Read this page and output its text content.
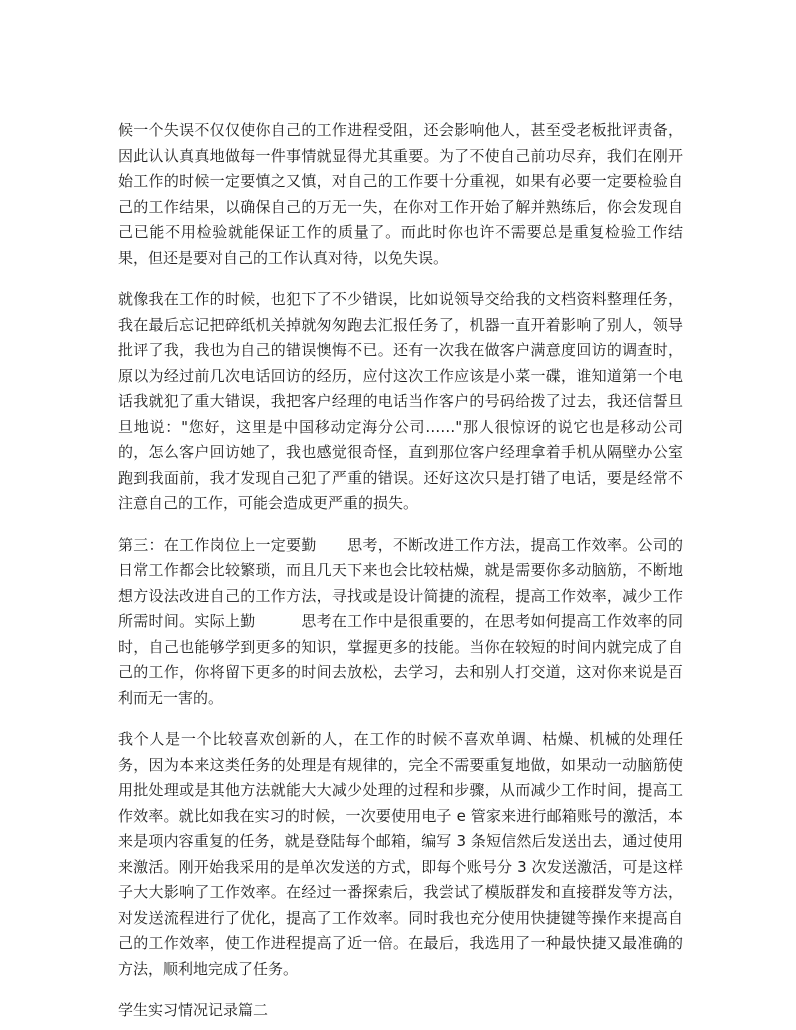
候一个失误不仅仅使你自己的工作进程受阻，还会影响他人，甚至受老板批评责备，因此认认真真地做每一件事情就显得尤其重要。为了不使自己前功尽弃，我们在刚开始工作的时候一定要慎之又慎，对自己的工作要十分重视，如果有必要一定要检验自己的工作结果，以确保自己的万无一失，在你对工作开始了解并熟练后，你会发现自己已能不用检验就能保证工作的质量了。而此时你也许不需要总是重复检验工作结果，但还是要对自己的工作认真对待，以免失误。

就像我在工作的时候，也犯下了不少错误，比如说领导交给我的文档资料整理任务，我在最后忘记把碎纸机关掉就匆匆跑去汇报任务了，机器一直开着影响了别人，领导批评了我，我也为自己的错误懊悔不已。还有一次我在做客户满意度回访的调查时，原以为经过前几次电话回访的经历，应付这次工作应该是小菜一碟，谁知道第一个电话我就犯了重大错误，我把客户经理的电话当作客户的号码给拨了过去，我还信誓旦旦地说："您好，这里是中国移动定海分公司……"那人很惊讶的说它也是移动公司的，怎么客户回访她了，我也感觉很奇怪，直到那位客户经理拿着手机从隔壁办公室跑到我面前，我才发现自己犯了严重的错误。还好这次只是打错了电话，要是经常不注意自己的工作，可能会造成更严重的损失。

第三：在工作岗位上一定要勤　　思考，不断改进工作方法，提高工作效率。公司的日常工作都会比较繁琐，而且几天下来也会比较枯燥，就是需要你多动脑筋，不断地想方设法改进自己的工作方法，寻找或是设计简捷的流程，提高工作效率，减少工作所需时间。实际上勤　　　思考在工作中是很重要的，在思考如何提高工作效率的同时，自己也能够学到更多的知识，掌握更多的技能。当你在较短的时间内就完成了自己的工作，你将留下更多的时间去放松，去学习，去和别人打交道，这对你来说是百利而无一害的。

我个人是一个比较喜欢创新的人，在工作的时候不喜欢单调、枯燥、机械的处理任务，因为本来这类任务的处理是有规律的，完全不需要重复地做，如果动一动脑筋使用批处理或是其他方法就能大大减少处理的过程和步骤，从而减少工作时间，提高工作效率。就比如我在实习的时候，一次要使用电子 e 管家来进行邮箱账号的激活，本来是项内容重复的任务，就是登陆每个邮箱，编写 3 条短信然后发送出去，通过使用来激活。刚开始我采用的是单次发送的方式，即每个账号分 3 次发送激活，可是这样子大大影响了工作效率。在经过一番探索后，我尝试了模版群发和直接群发等方法，对发送流程进行了优化，提高了工作效率。同时我也充分使用快捷键等操作来提高自己的工作效率，使工作进程提高了近一倍。在最后，我选用了一种最快捷又最准确的方法，顺利地完成了任务。

学生实习情况记录篇二
